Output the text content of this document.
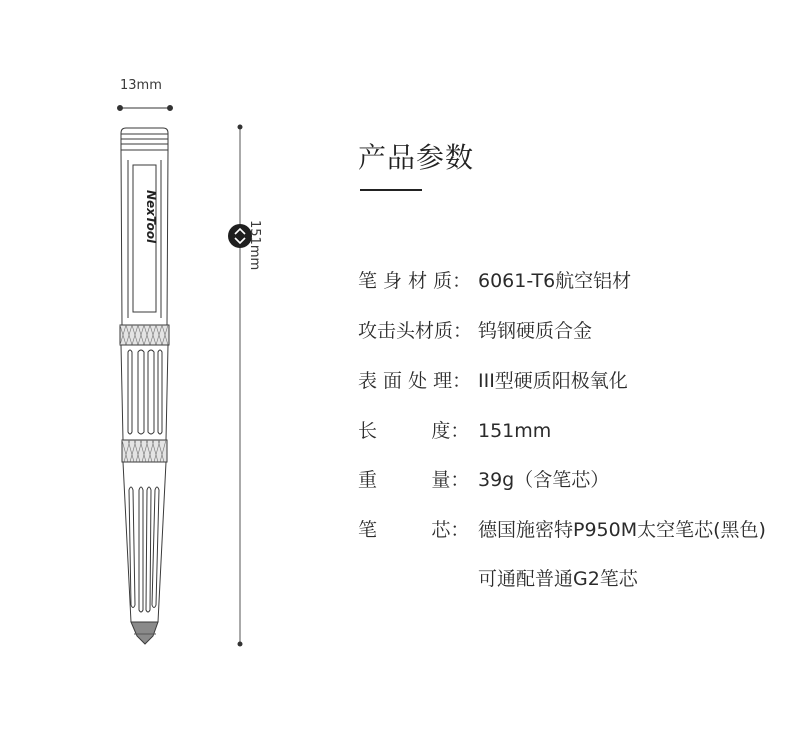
NexTool
13mm
151mm
产品参数
笔 身 材 质： 6061-T6航空铝材
攻击头材质： 钨钢硬质合金
表 面 处 理： III型硬质阳极氧化
长         度： 151mm
重         量： 39g（含笔芯）
笔         芯： 德国施密特P950M太空笔芯(黑色)
可通配普通G2笔芯
